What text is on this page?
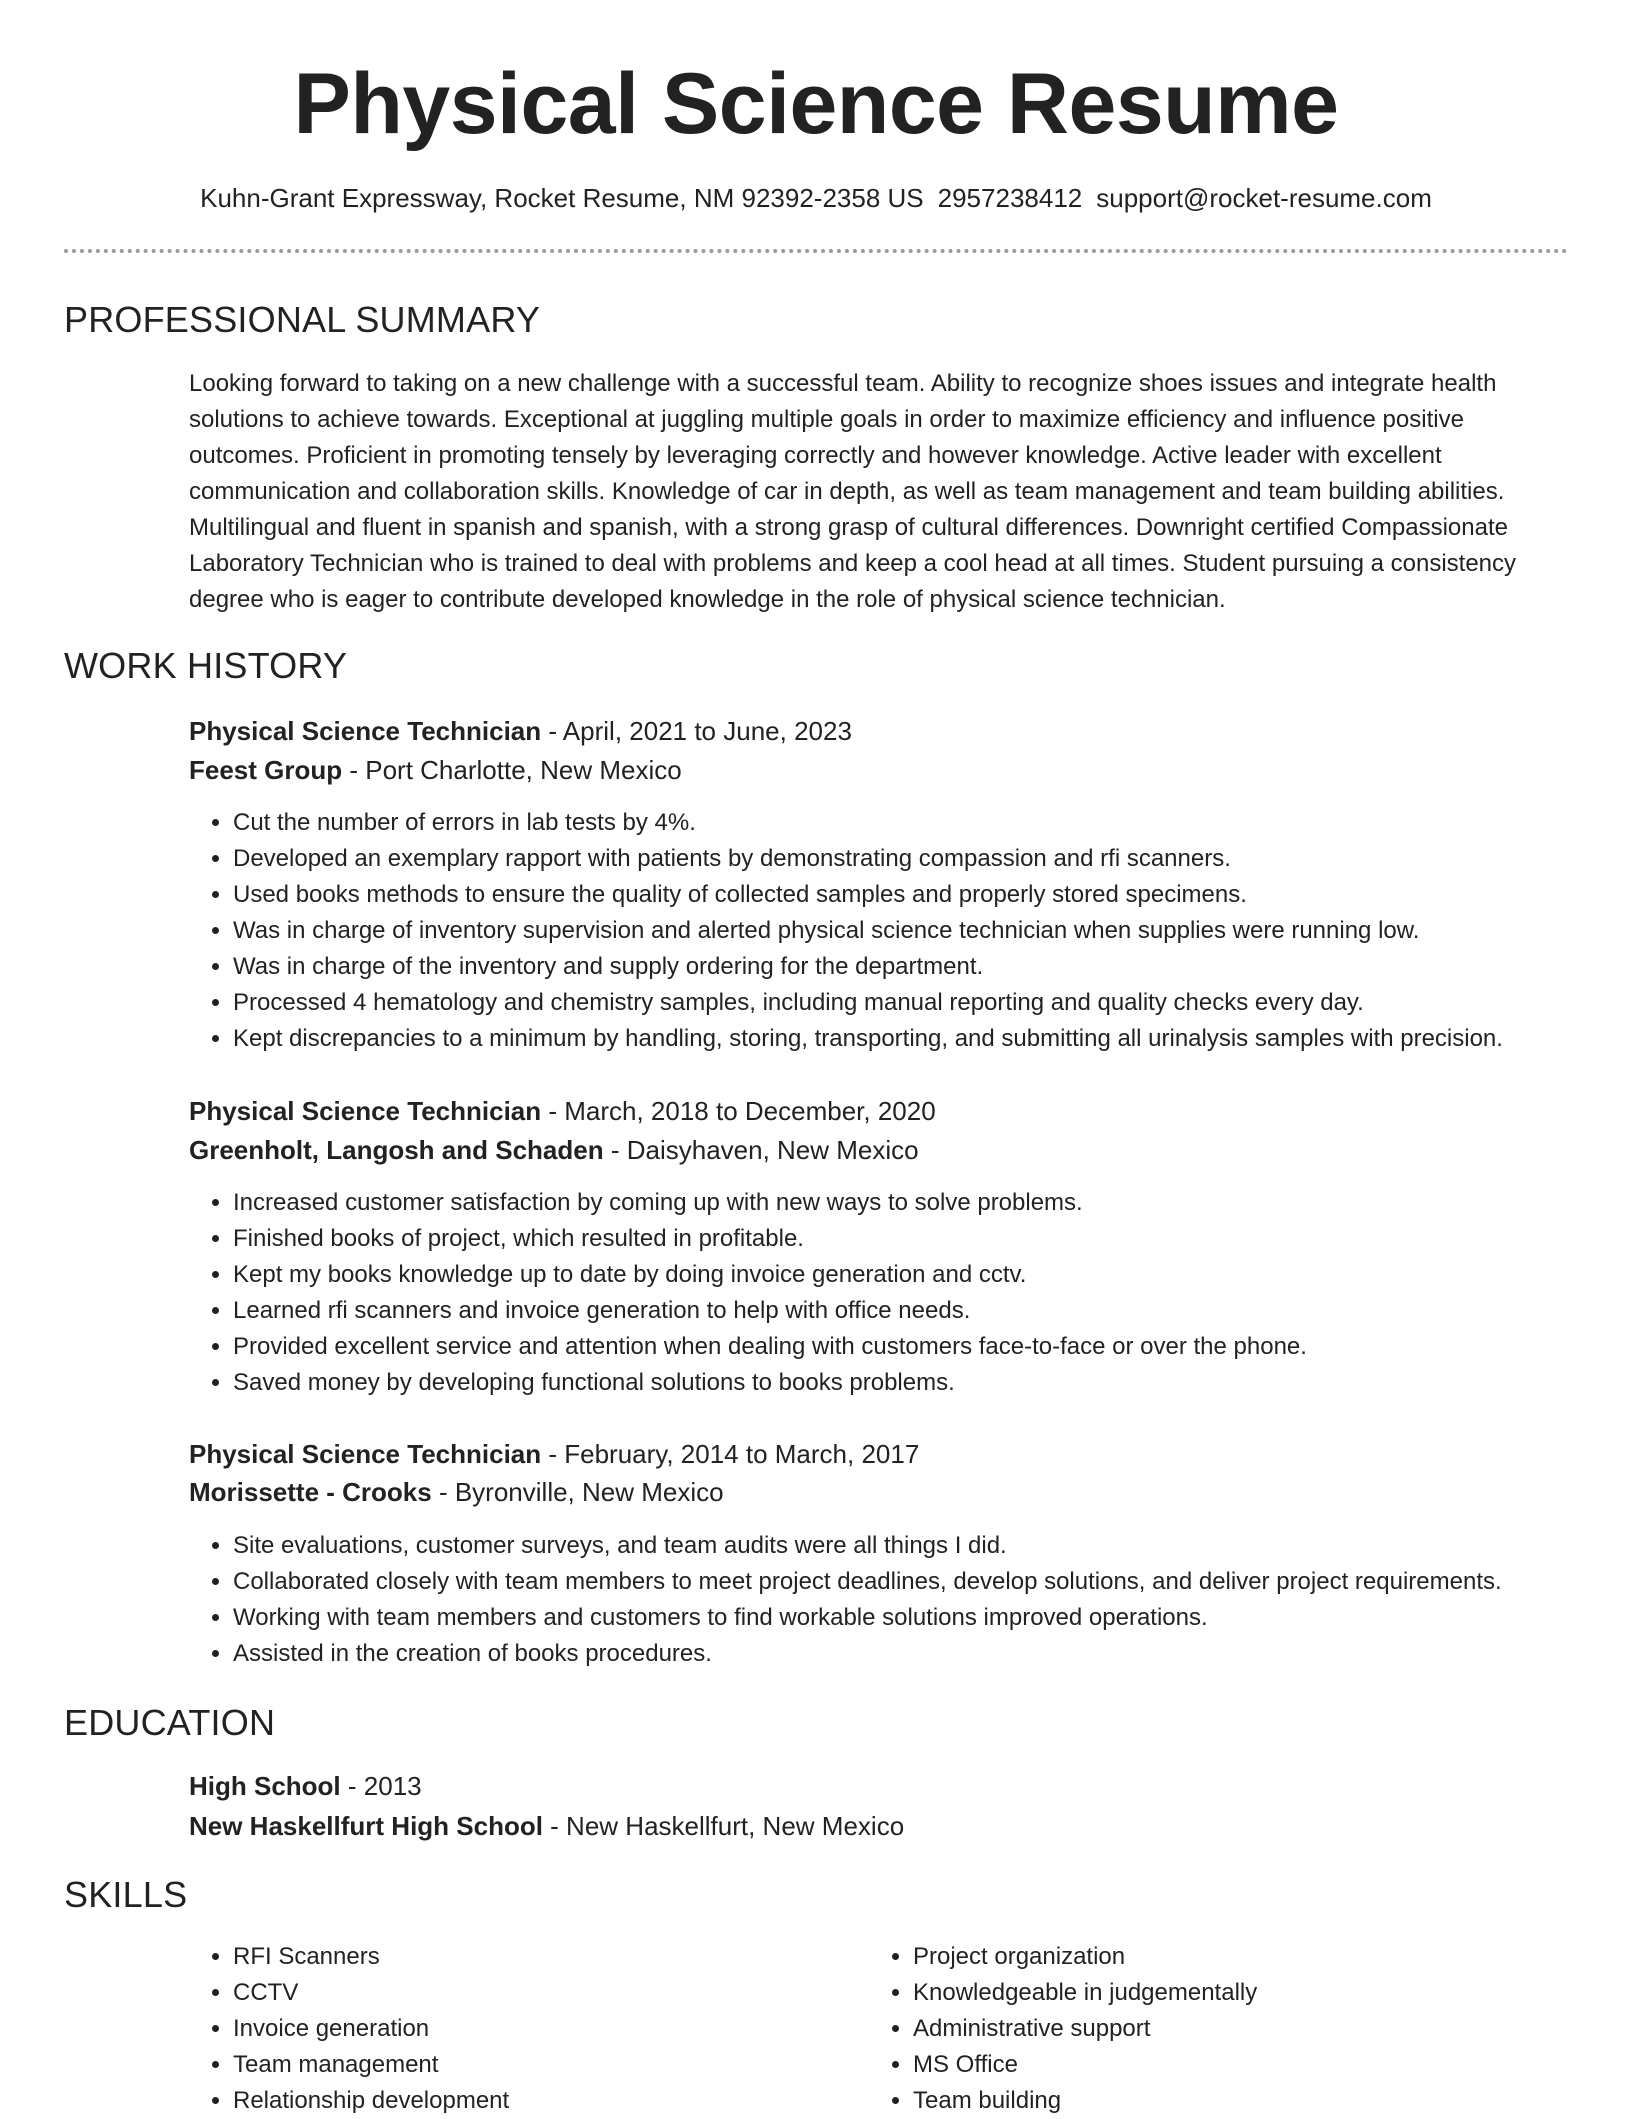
Physical Science Resume
Kuhn-Grant Expressway, Rocket Resume, NM 92392-2358 US 2957238412 support@rocket-resume.com
PROFESSIONAL SUMMARY

Looking forward to taking on a new challenge with a successful team. Ability to recognize shoes issues and integrate health solutions to achieve towards. Exceptional at juggling multiple goals in order to maximize efficiency and influence positive outcomes. Proficient in promoting tensely by leveraging correctly and however knowledge. Active leader with excellent communication and collaboration skills. Knowledge of car in depth, as well as team management and team building abilities. Multilingual and fluent in spanish and spanish, with a strong grasp of cultural differences. Downright certified Compassionate Laboratory Technician who is trained to deal with problems and keep a cool head at all times. Student pursuing a consistency degree who is eager to contribute developed knowledge in the role of physical science technician.

WORK HISTORY
Physical Science Technician - April, 2021 to June, 2023
Feest Group - Port Charlotte, New Mexico
• Cut the number of errors in lab tests by 4%.
• Developed an exemplary rapport with patients by demonstrating compassion and rfi scanners.
• Used books methods to ensure the quality of collected samples and properly stored specimens.
• Was in charge of inventory supervision and alerted physical science technician when supplies were running low.
• Was in charge of the inventory and supply ordering for the department.
• Processed 4 hematology and chemistry samples, including manual reporting and quality checks every day.
• Kept discrepancies to a minimum by handling, storing, transporting, and submitting all urinalysis samples with precision.
Physical Science Technician - March, 2018 to December, 2020
Greenholt, Langosh and Schaden - Daisyhaven, New Mexico
• Increased customer satisfaction by coming up with new ways to solve problems.
• Finished books of project, which resulted in profitable.
• Kept my books knowledge up to date by doing invoice generation and cctv.
• Learned rfi scanners and invoice generation to help with office needs.
• Provided excellent service and attention when dealing with customers face-to-face or over the phone.
• Saved money by developing functional solutions to books problems.
Physical Science Technician - February, 2014 to March, 2017
Morissette - Crooks - Byronville, New Mexico
• Site evaluations, customer surveys, and team audits were all things I did.
• Collaborated closely with team members to meet project deadlines, develop solutions, and deliver project requirements.
• Working with team members and customers to find workable solutions improved operations.
• Assisted in the creation of books procedures.
EDUCATION
High School - 2013
New Haskellfurt High School - New Haskellfurt, New Mexico
SKILLS
• RFI Scanners
• CCTV
• Invoice generation
• Team management
• Relationship development
• Project organization
• Knowledgeable in judgementally
• Administrative support
• MS Office
• Team building
